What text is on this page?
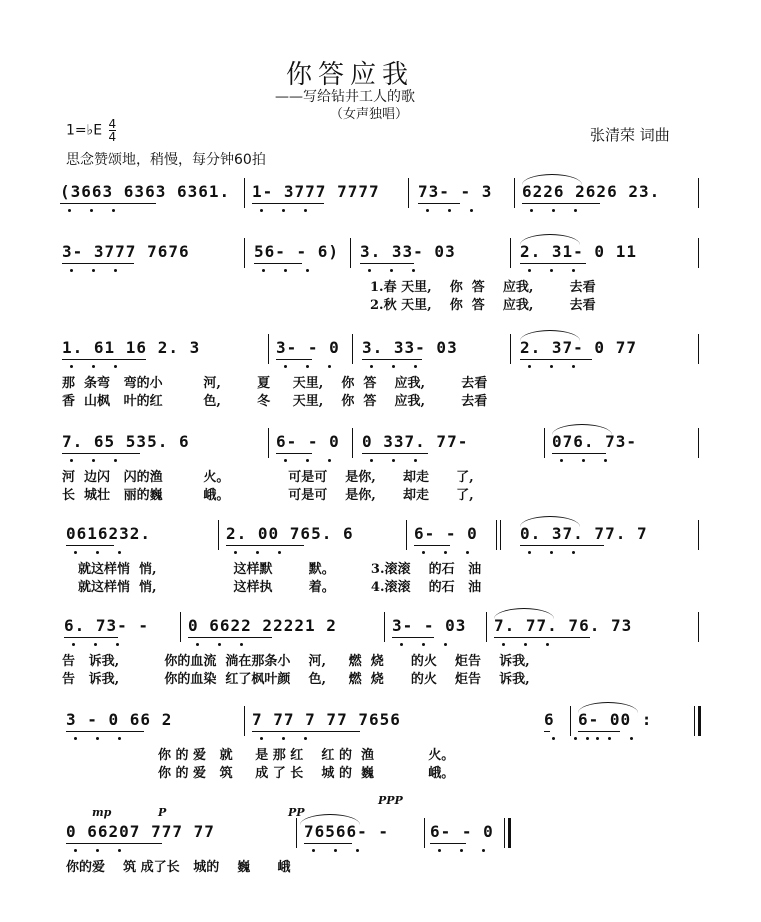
你答应我
——写给钻井工人的歌
（女声独唱）
1=♭E $\frac{4}{4}$	张清荣 词曲
思念赞颂地，稍慢，每分钟60拍
(3663 6363 6361. 1- 3777 7777 73- - 3 6226 2626 23.
3- 3777 7676	56- - 6) 3. 33- 03	2. 31- 0 11
1.春 天里,    你  答    应我,        去看
2.秋 天里,    你  答    应我,        去看
1. 61 16 2. 3	3- - 0 3. 33- 03	2. 37- 0 77
那  条弯   弯的小         河,        夏     天里,    你  答    应我,        去看
香  山枫   叶的红         色,        冬     天里,    你  答    应我,        去看
7. 65 535. 6	6- - 0 0 337. 77-	076. 73-
河  边闪   闪的渔         火。             可是可    是你,      却走      了,
长  城壮   丽的巍         峨。             可是可    是你,      却走      了,
0616232.	2. 00 765. 6	6- - 0	0. 37. 77. 7
就这样悄  悄,                 这样默        默。        3.滚滚    的石   油
就这样悄  悄,                 这样执        着。        4.滚滚    的石   油
6. 73- - 0 6622 22221 2	3- - 03 7. 77. 76. 73
告   诉我,          你的血流  淌在那条小    河,     燃  烧      的火    炬告    诉我,
告   诉我,          你的血染  红了枫叶颜    色,     燃  烧      的火    炬告    诉我,
3 - 0 66 2	7 77 7 77 7656	6 6- 00 :
你 的 爱   就     是 那 红    红 的  渔            火。
你 的 爱   筑     成 了 长    城 的  巍            峨。
0 66207 777 77	76566- -	6- - 0
你的爱    筑 成了长   城的    巍      峨
mp	P	PP
PPP
